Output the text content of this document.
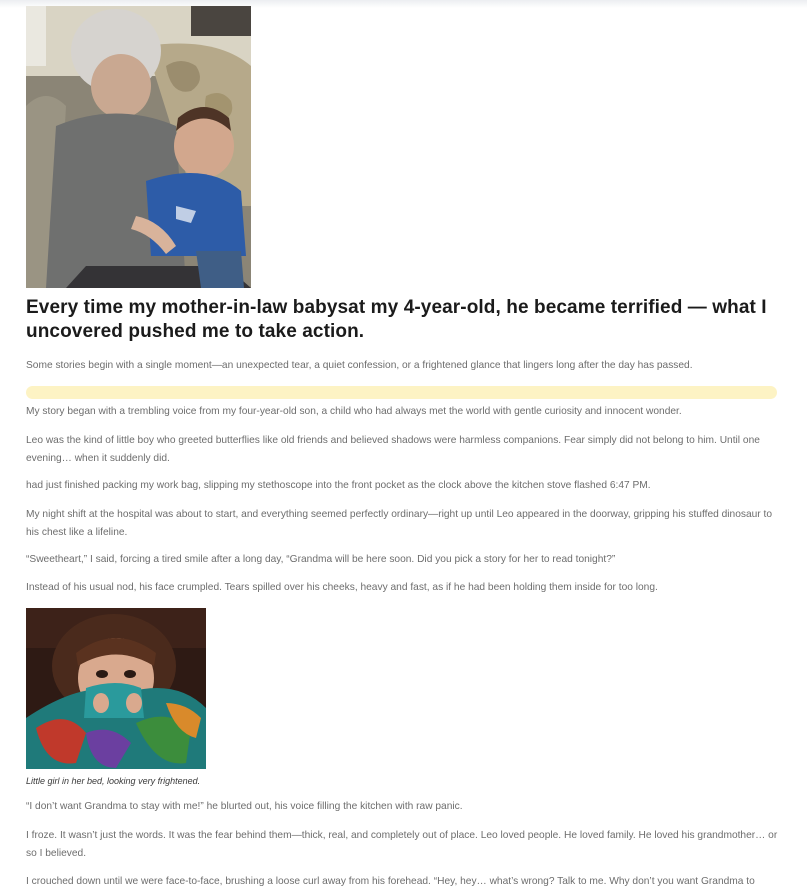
Every time my mother-in-law babysat my 4-year-old, he became terrified — what I uncovered pushed me to take action.

Some stories begin with a single moment—an unexpected tear, a quiet confession, or a frightened glance that lingers long after the day has passed.

My story began with a trembling voice from my four-year-old son, a child who had always met the world with gentle curiosity and innocent wonder.

Leo was the kind of little boy who greeted butterflies like old friends and believed shadows were harmless companions. Fear simply did not belong to him. Until one evening… when it suddenly did.

had just finished packing my work bag, slipping my stethoscope into the front pocket as the clock above the kitchen stove flashed 6:47 PM.

My night shift at the hospital was about to start, and everything seemed perfectly ordinary—right up until Leo appeared in the doorway, gripping his stuffed dinosaur to his chest like a lifeline.

“Sweetheart,” I said, forcing a tired smile after a long day, “Grandma will be here soon. Did you pick a story for her to read tonight?”

Instead of his usual nod, his face crumpled. Tears spilled over his cheeks, heavy and fast, as if he had been holding them inside for too long.

Little girl in her bed, looking very frightened.

“I don’t want Grandma to stay with me!” he blurted out, his voice filling the kitchen with raw panic.

I froze. It wasn’t just the words. It was the fear behind them—thick, real, and completely out of place. Leo loved people. He loved family. He loved his grandmother… or so I believed.

I crouched down until we were face-to-face, brushing a loose curl away from his forehead. “Hey, hey… what’s wrong? Talk to me. Why don’t you want Grandma to
